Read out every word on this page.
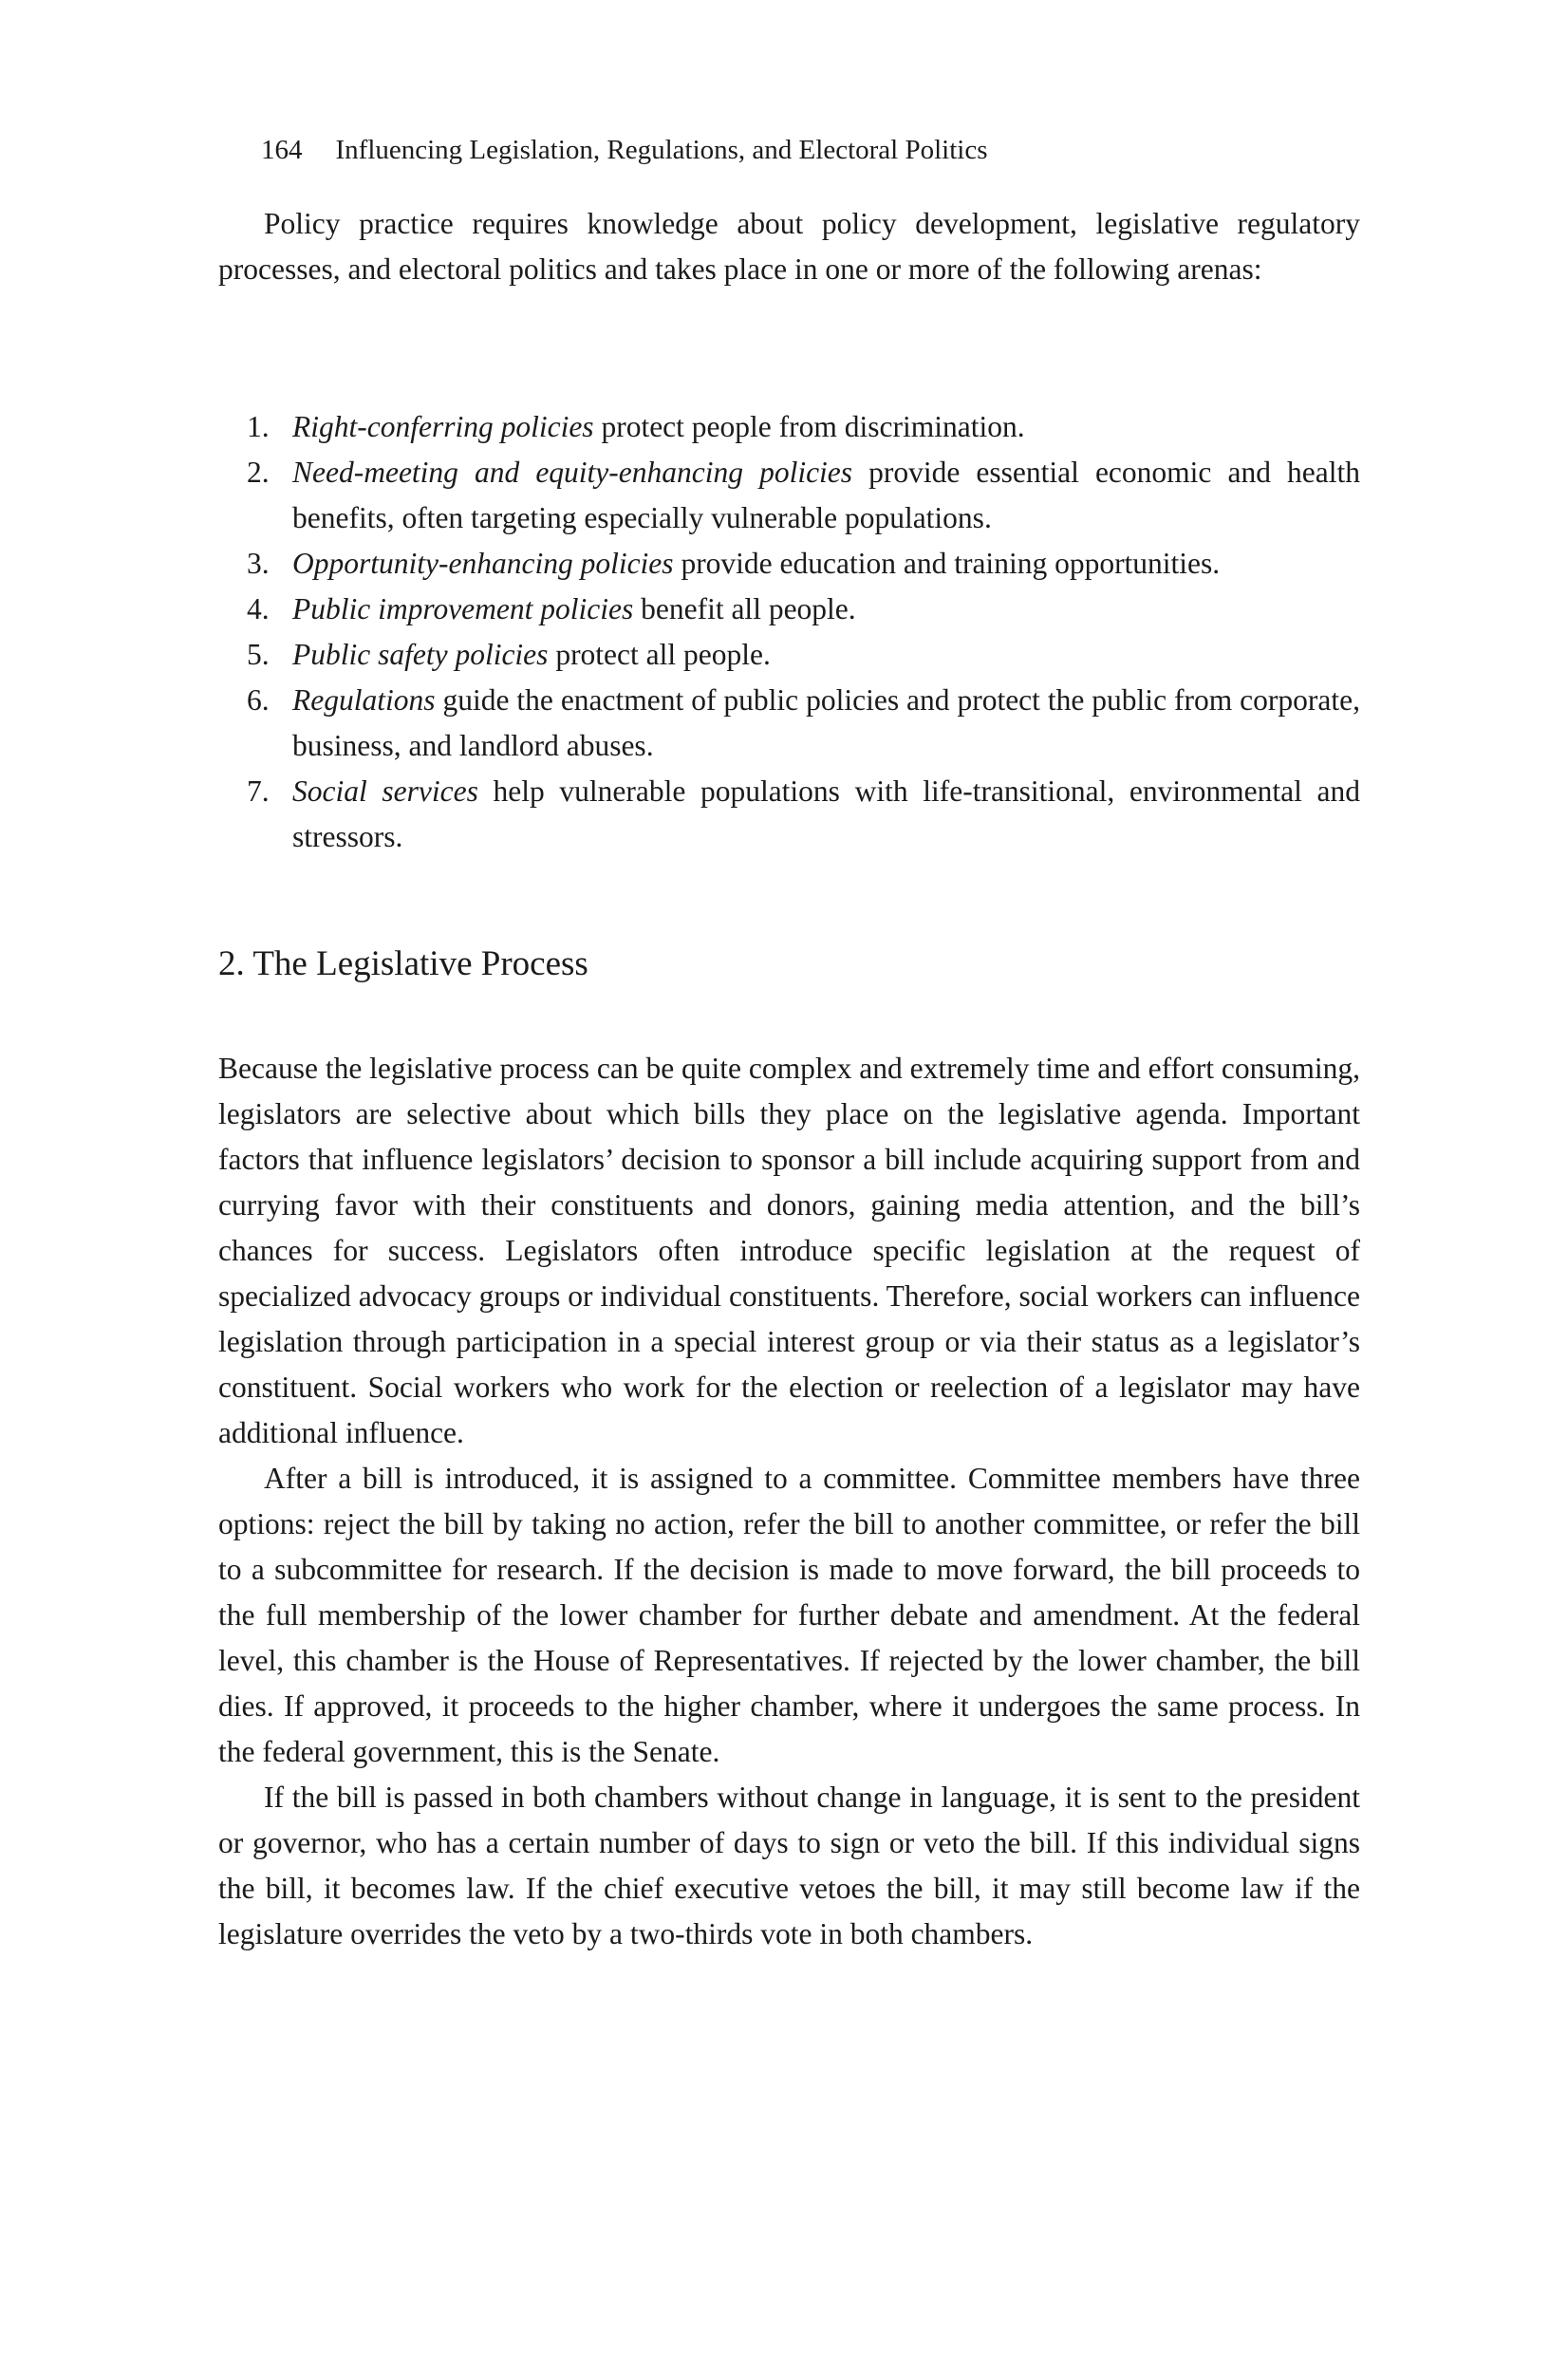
164 Influencing Legislation, Regulations, and Electoral Politics

Policy practice requires knowledge about policy development, legislative regulatory processes, and electoral politics and takes place in one or more of the following arenas:

1. Right-conferring policies protect people from discrimination.
2. Need-meeting and equity-enhancing policies provide essential economic and health benefits, often targeting especially vulnerable populations.
3. Opportunity-enhancing policies provide education and training opportunities.
4. Public improvement policies benefit all people.
5. Public safety policies protect all people.
6. Regulations guide the enactment of public policies and protect the public from corporate, business, and landlord abuses.
7. Social services help vulnerable populations with life-transitional, environmental and stressors.
2. The Legislative Process

Because the legislative process can be quite complex and extremely time and effort consuming, legislators are selective about which bills they place on the legislative agenda. Important factors that influence legislators’ decision to sponsor a bill include acquiring support from and currying favor with their constituents and donors, gaining media attention, and the bill’s chances for success. Legislators often introduce specific legislation at the request of specialized advocacy groups or individual constituents. Therefore, social workers can influence legislation through participation in a special interest group or via their status as a legislator’s constituent. Social workers who work for the election or reelection of a legislator may have additional influence.

After a bill is introduced, it is assigned to a committee. Committee members have three options: reject the bill by taking no action, refer the bill to another committee, or refer the bill to a subcommittee for research. If the decision is made to move forward, the bill proceeds to the full membership of the lower chamber for further debate and amendment. At the federal level, this chamber is the House of Representatives. If rejected by the lower chamber, the bill dies. If approved, it proceeds to the higher chamber, where it undergoes the same process. In the federal government, this is the Senate.

If the bill is passed in both chambers without change in language, it is sent to the president or governor, who has a certain number of days to sign or veto the bill. If this individual signs the bill, it becomes law. If the chief executive vetoes the bill, it may still become law if the legislature overrides the veto by a two-thirds vote in both chambers.
